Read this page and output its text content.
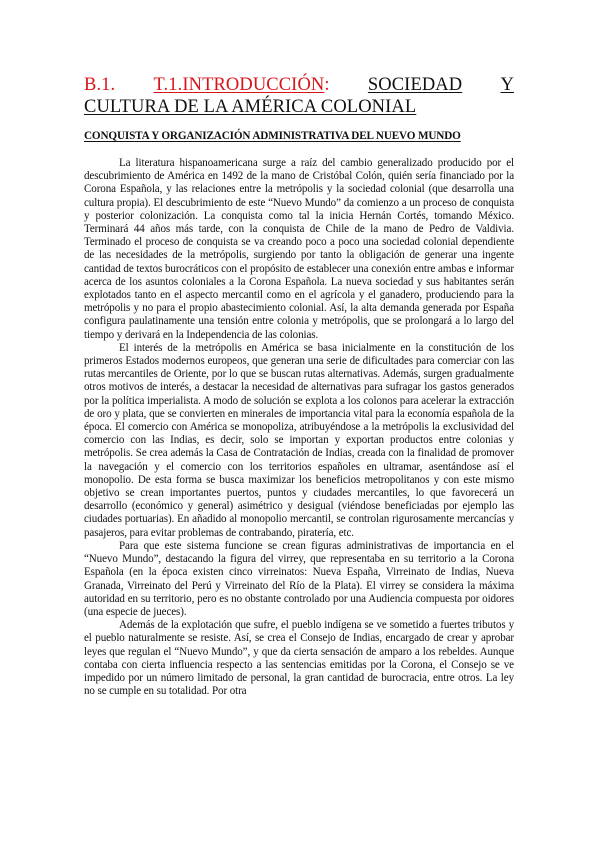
B.1. T.1.INTRODUCCIÓN: SOCIEDAD Y
CULTURA DE LA AMÉRICA COLONIAL
CONQUISTA Y ORGANIZACIÓN ADMINISTRATIVA DEL NUEVO MUNDO

La literatura hispanoamericana surge a raíz del cambio generalizado producido por el descubrimiento de América en 1492 de la mano de Cristóbal Colón, quién sería financiado por la Corona Española, y las relaciones entre la metrópolis y la sociedad colonial (que desarrolla una cultura propia). El descubrimiento de este “Nuevo Mundo” da comienzo a un proceso de conquista y posterior colonización. La conquista como tal la inicia Hernán Cortés, tomando México. Terminará 44 años más tarde, con la conquista de Chile de la mano de Pedro de Valdivia. Terminado el proceso de conquista se va creando poco a poco una sociedad colonial dependiente de las necesidades de la metrópolis, surgiendo por tanto la obligación de generar una ingente cantidad de textos burocráticos con el propósito de establecer una conexión entre ambas e informar acerca de los asuntos coloniales a la Corona Española. La nueva sociedad y sus habitantes serán explotados tanto en el aspecto mercantil como en el agrícola y el ganadero, produciendo para la metrópolis y no para el propio abastecimiento colonial. Así, la alta demanda generada por España configura paulatinamente una tensión entre colonia y metrópolis, que se prolongará a lo largo del tiempo y derivará en la Independencia de las colonias.

El interés de la metrópolis en América se basa inicialmente en la constitución de los primeros Estados modernos europeos, que generan una serie de dificultades para comerciar con las rutas mercantiles de Oriente, por lo que se buscan rutas alternativas. Además, surgen gradualmente otros motivos de interés, a destacar la necesidad de alternativas para sufragar los gastos generados por la política imperialista. A modo de solución se explota a los colonos para acelerar la extracción de oro y plata, que se convierten en minerales de importancia vital para la economía española de la época. El comercio con América se monopoliza, atribuyéndose a la metrópolis la exclusividad del comercio con las Indias, es decir, solo se importan y exportan productos entre colonias y metrópolis. Se crea además la Casa de Contratación de Indias, creada con la finalidad de promover la navegación y el comercio con los territorios españoles en ultramar, asentándose así el monopolio. De esta forma se busca maximizar los beneficios metropolitanos y con este mismo objetivo se crean importantes puertos, puntos y ciudades mercantiles, lo que favorecerá un desarrollo (económico y general) asimétrico y desigual (viéndose beneficiadas por ejemplo las ciudades portuarias). En añadido al monopolio mercantil, se controlan rigurosamente mercancías y pasajeros, para evitar problemas de contrabando, piratería, etc.

Para que este sistema funcione se crean figuras administrativas de importancia en el “Nuevo Mundo”, destacando la figura del virrey, que representaba en su territorio a la Corona Española (en la época existen cinco virreinatos: Nueva España, Virreinato de Indias, Nueva Granada, Virreinato del Perú y Virreinato del Río de la Plata). El virrey se considera la máxima autoridad en su territorio, pero es no obstante controlado por una Audiencia compuesta por oidores (una especie de jueces).

Además de la explotación que sufre, el pueblo indígena se ve sometido a fuertes tributos y el pueblo naturalmente se resiste. Así, se crea el Consejo de Indias, encargado de crear y aprobar leyes que regulan el “Nuevo Mundo”, y que da cierta sensación de amparo a los rebeldes. Aunque contaba con cierta influencia respecto a las sentencias emitidas por la Corona, el Consejo se ve impedido por un número limitado de personal, la gran cantidad de burocracia, entre otros. La ley no se cumple en su totalidad. Por otra
